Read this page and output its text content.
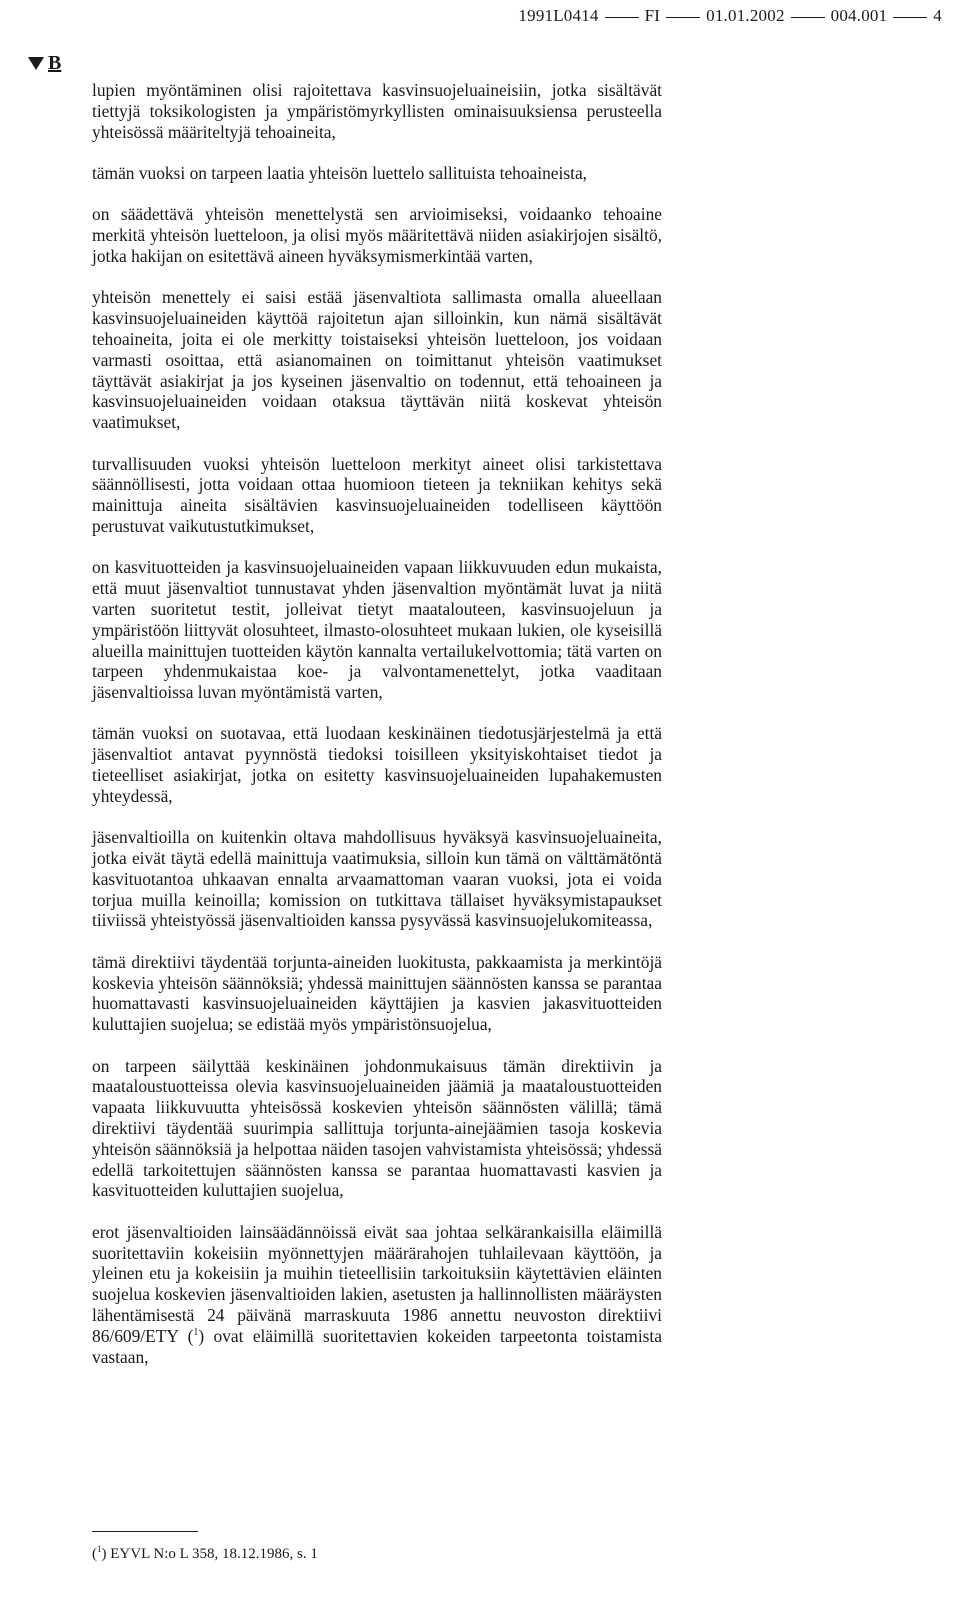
1991L0414	FI	01.01.2002	004.001	4
B

lupien myöntäminen olisi rajoitettava kasvinsuojeluaineisiin, jotka sisältävät tiettyjä toksikologisten ja ympäristömyrkyllisten ominaisuuksiensa perusteella yhteisössä määriteltyjä tehoaineita,

tämän vuoksi on tarpeen laatia yhteisön luettelo sallituista tehoaineista,

on säädettävä yhteisön menettelystä sen arvioimiseksi, voidaanko tehoaine merkitä yhteisön luetteloon, ja olisi myös määritettävä niiden asiakirjojen sisältö, jotka hakijan on esitettävä aineen hyväksymismerkintää varten,

yhteisön menettely ei saisi estää jäsenvaltiota sallimasta omalla alueellaan kasvinsuojeluaineiden käyttöä rajoitetun ajan silloinkin, kun nämä sisältävät tehoaineita, joita ei ole merkitty toistaiseksi yhteisön luetteloon, jos voidaan varmasti osoittaa, että asianomainen on toimittanut yhteisön vaatimukset täyttävät asiakirjat ja jos kyseinen jäsenvaltio on todennut, että tehoaineen ja kasvinsuojeluaineiden voidaan otaksua täyttävän niitä koskevat yhteisön vaatimukset,

turvallisuuden vuoksi yhteisön luetteloon merkityt aineet olisi tarkistettava säännöllisesti, jotta voidaan ottaa huomioon tieteen ja tekniikan kehitys sekä mainittuja aineita sisältävien kasvinsuojeluaineiden todelliseen käyttöön perustuvat vaikutustutkimukset,

on kasvituotteiden ja kasvinsuojeluaineiden vapaan liikkuvuuden edun mukaista, että muut jäsenvaltiot tunnustavat yhden jäsenvaltion myöntämät luvat ja niitä varten suoritetut testit, jolleivat tietyt maatalouteen, kasvinsuojeluun ja ympäristöön liittyvät olosuhteet, ilmasto-olosuhteet mukaan lukien, ole kyseisillä alueilla mainittujen tuotteiden käytön kannalta vertailukelvottomia; tätä varten on tarpeen yhdenmukaistaa koe- ja valvontamenettelyt, jotka vaaditaan jäsenvaltioissa luvan myöntämistä varten,

tämän vuoksi on suotavaa, että luodaan keskinäinen tiedotusjärjestelmä ja että jäsenvaltiot antavat pyynnöstä tiedoksi toisilleen yksityiskohtaiset tiedot ja tieteelliset asiakirjat, jotka on esitetty kasvinsuojeluaineiden lupahakemusten yhteydessä,

jäsenvaltioilla on kuitenkin oltava mahdollisuus hyväksyä kasvinsuojeluaineita, jotka eivät täytä edellä mainittuja vaatimuksia, silloin kun tämä on välttämätöntä kasvituotantoa uhkaavan ennalta arvaamattoman vaaran vuoksi, jota ei voida torjua muilla keinoilla; komission on tutkittava tällaiset hyväksymistapaukset tiiviissä yhteistyössä jäsenvaltioiden kanssa pysyvässä kasvinsuojelukomiteassa,

tämä direktiivi täydentää torjunta-aineiden luokitusta, pakkaamista ja merkintöjä koskevia yhteisön säännöksiä; yhdessä mainittujen säännösten kanssa se parantaa huomattavasti kasvinsuojeluaineiden käyttäjien ja kasvien jakasvituotteiden kuluttajien suojelua; se edistää myös ympäristönsuojelua,

on tarpeen säilyttää keskinäinen johdonmukaisuus tämän direktiivin ja maataloustuotteissa olevia kasvinsuojeluaineiden jäämiä ja maataloustuotteiden vapaata liikkuvuutta yhteisössä koskevien yhteisön säännösten välillä; tämä direktiivi täydentää suurimpia sallittuja torjunta-ainejäämien tasoja koskevia yhteisön säännöksiä ja helpottaa näiden tasojen vahvistamista yhteisössä; yhdessä edellä tarkoitettujen säännösten kanssa se parantaa huomattavasti kasvien ja kasvituotteiden kuluttajien suojelua,

erot jäsenvaltioiden lainsäädännöissä eivät saa johtaa selkärankaisilla eläimillä suoritettaviin kokeisiin myönnettyjen määrärahojen tuhlailevaan käyttöön, ja yleinen etu ja kokeisiin ja muihin tieteellisiin tarkoituksiin käytettävien eläinten suojelua koskevien jäsenvaltioiden lakien, asetusten ja hallinnollisten määräysten lähentämisestä 24 päivänä marraskuuta 1986 annettu neuvoston direktiivi 86/609/ETY ($^1$) ovat eläimillä suoritettavien kokeiden tarpeetonta toistamista vastaan,

($^1$) EYVL N:o L 358, 18.12.1986, s. 1
